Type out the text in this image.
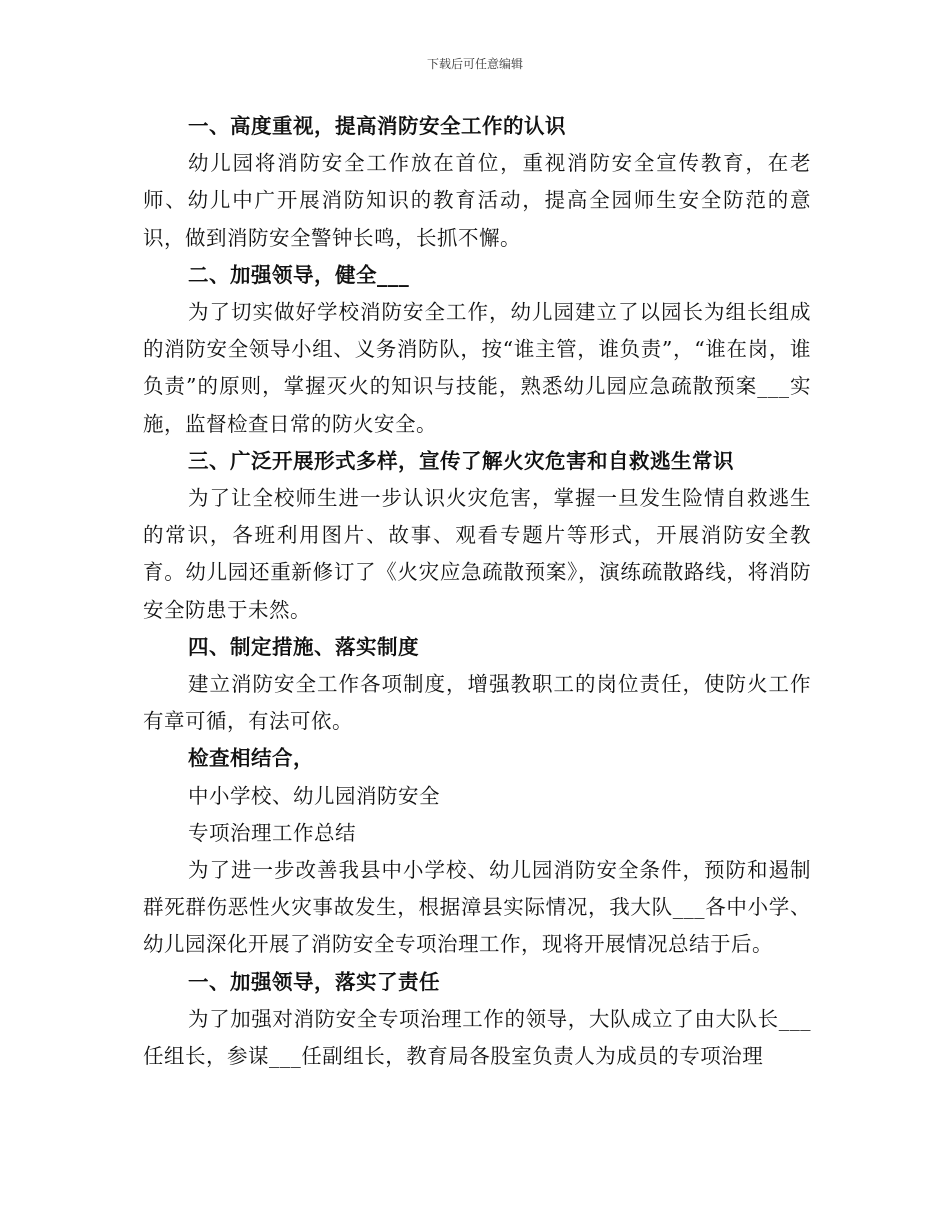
下载后可任意编辑

一、高度重视，提高消防安全工作的认识

幼儿园将消防安全工作放在首位，重视消防安全宣传教育，在老师、幼儿中广开展消防知识的教育活动，提高全园师生安全防范的意识，做到消防安全警钟长鸣，长抓不懈。

二、加强领导，健全___

为了切实做好学校消防安全工作，幼儿园建立了以园长为组长组成的消防安全领导小组、义务消防队，按“谁主管，谁负责”，“谁在岗，谁负责”的原则，掌握灭火的知识与技能，熟悉幼儿园应急疏散预案___实施，监督检查日常的防火安全。

三、广泛开展形式多样，宣传了解火灾危害和自救逃生常识

为了让全校师生进一步认识火灾危害，掌握一旦发生险情自救逃生的常识，各班利用图片、故事、观看专题片等形式，开展消防安全教育。幼儿园还重新修订了《火灾应急疏散预案》，演练疏散路线，将消防安全防患于未然。

四、制定措施、落实制度

建立消防安全工作各项制度，增强教职工的岗位责任，使防火工作有章可循，有法可依。

检查相结合，

中小学校、幼儿园消防安全

专项治理工作总结

为了进一步改善我县中小学校、幼儿园消防安全条件，预防和遏制群死群伤恶性火灾事故发生，根据漳县实际情况，我大队___各中小学、幼儿园深化开展了消防安全专项治理工作，现将开展情况总结于后。

一、加强领导，落实了责任

为了加强对消防安全专项治理工作的领导，大队成立了由大队长___任组长，参谋___任副组长，教育局各股室负责人为成员的专项治理
